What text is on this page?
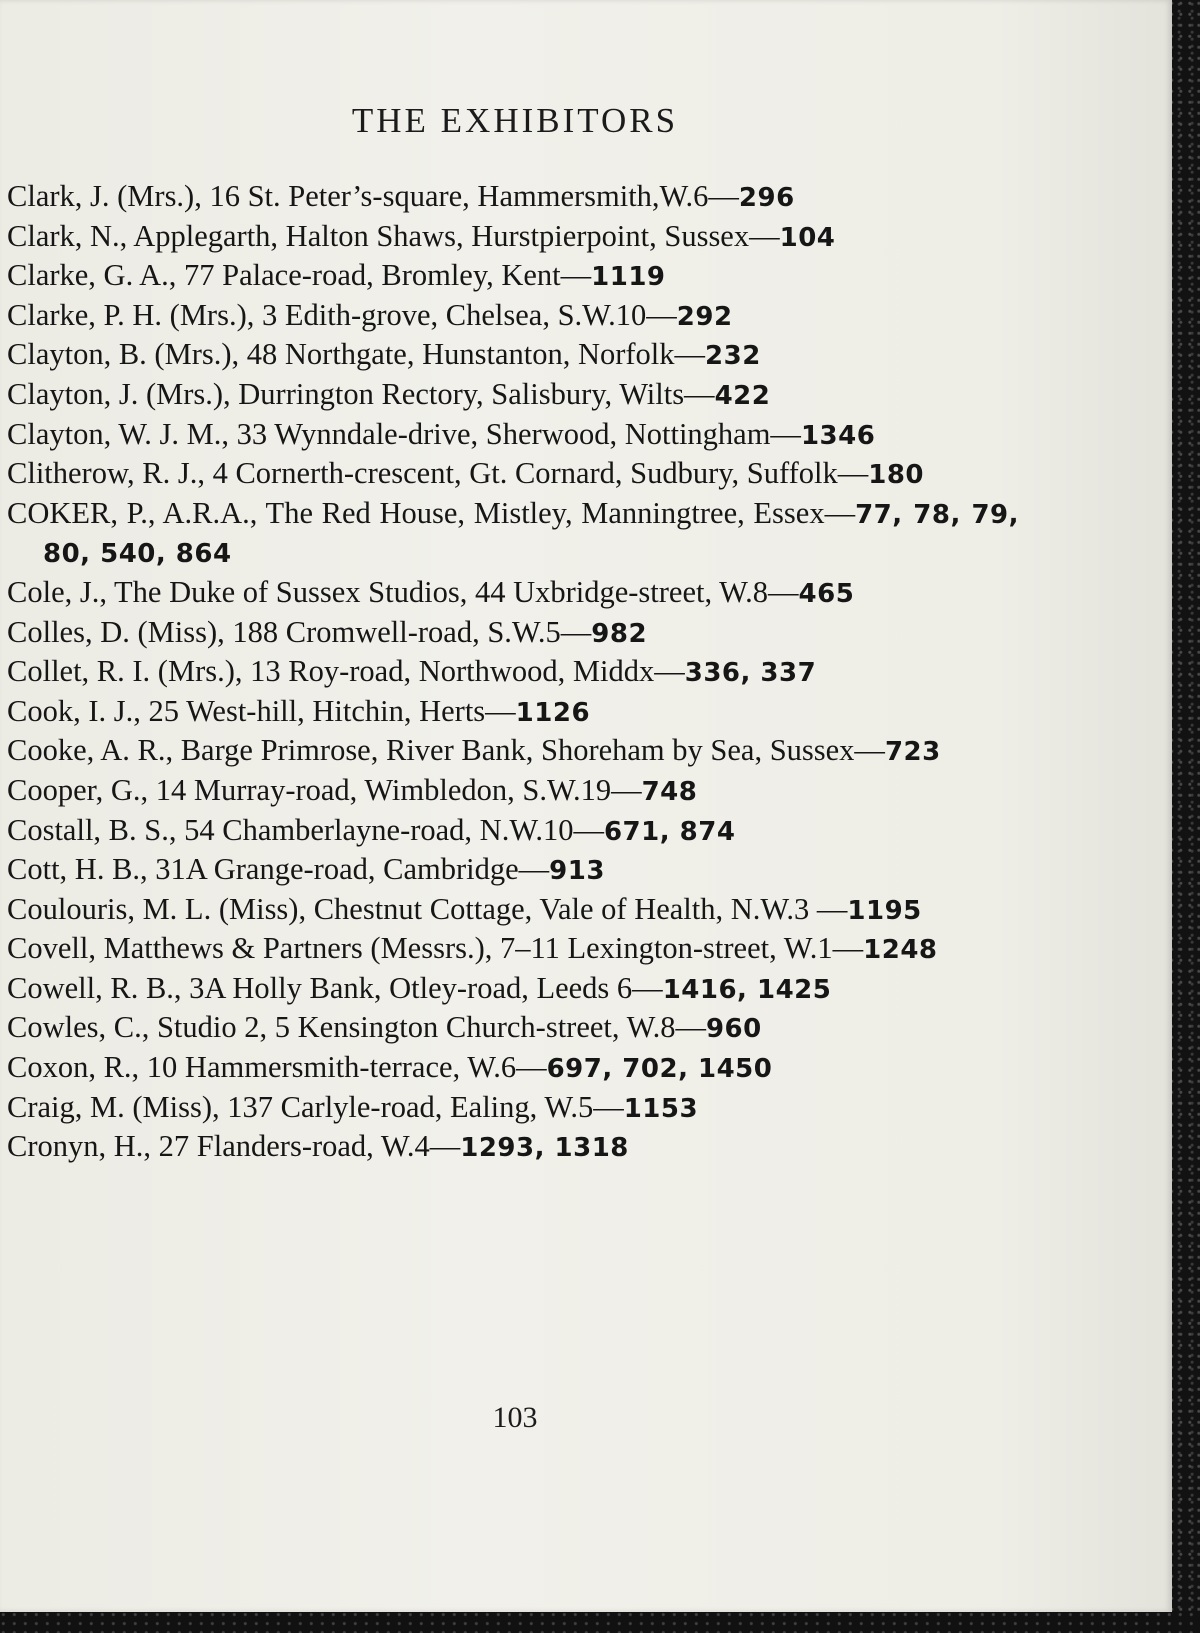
THE EXHIBITORS

Clark, J. (Mrs.), 16 St. Peter’s-square, Hammersmith,W.6—296

Clark, N., Applegarth, Halton Shaws, Hurstpierpoint, Sussex—104

Clarke, G. A., 77 Palace-road, Bromley, Kent—1119

Clarke, P. H. (Mrs.), 3 Edith-grove, Chelsea, S.W.10—292

Clayton, B. (Mrs.), 48 Northgate, Hunstanton, Norfolk—232

Clayton, J. (Mrs.), Durrington Rectory, Salisbury, Wilts—422

Clayton, W. J. M., 33 Wynndale-drive, Sherwood, Nottingham—1346

Clitherow, R. J., 4 Cornerth-crescent, Gt. Cornard, Sudbury, Suffolk—180

COKER, P., A.R.A., The Red House, Mistley, Manningtree, Essex—77, 78, 79, 80, 540, 864

Cole, J., The Duke of Sussex Studios, 44 Uxbridge-street, W.8—465

Colles, D. (Miss), 188 Cromwell-road, S.W.5—982

Collet, R. I. (Mrs.), 13 Roy-road, Northwood, Middx—336, 337

Cook, I. J., 25 West-hill, Hitchin, Herts—1126

Cooke, A. R., Barge Primrose, River Bank, Shoreham by Sea, Sussex—723

Cooper, G., 14 Murray-road, Wimbledon, S.W.19—748

Costall, B. S., 54 Chamberlayne-road, N.W.10—671, 874

Cott, H. B., 31A Grange-road, Cambridge—913

Coulouris, M. L. (Miss), Chestnut Cottage, Vale of Health, N.W.3 —1195

Covell, Matthews & Partners (Messrs.), 7–11 Lexington-street, W.1—1248

Cowell, R. B., 3A Holly Bank, Otley-road, Leeds 6—1416, 1425

Cowles, C., Studio 2, 5 Kensington Church-street, W.8—960

Coxon, R., 10 Hammersmith-terrace, W.6—697, 702, 1450

Craig, M. (Miss), 137 Carlyle-road, Ealing, W.5—1153

Cronyn, H., 27 Flanders-road, W.4—1293, 1318

103
